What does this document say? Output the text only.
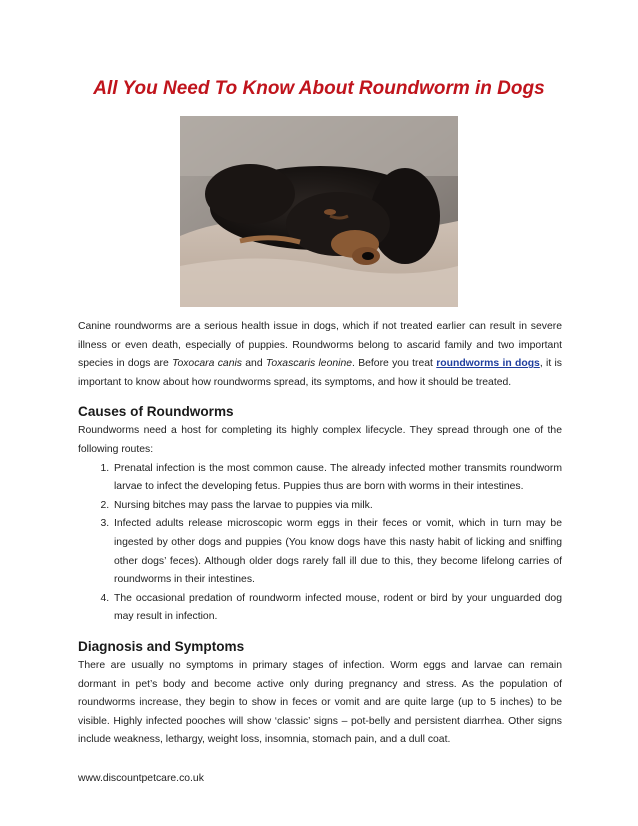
All You Need To Know About Roundworm in Dogs

Canine roundworms are a serious health issue in dogs, which if not treated earlier can result in severe illness or even death, especially of puppies. Roundworms belong to ascarid family and two important species in dogs are Toxocara canis and Toxascaris leonine. Before you treat roundworms in dogs, it is important to know about how roundworms spread, its symptoms, and how it should be treated.

Causes of Roundworms

Roundworms need a host for completing its highly complex lifecycle. They spread through one of the following routes:

1. Prenatal infection is the most common cause. The already infected mother transmits roundworm larvae to infect the developing fetus. Puppies thus are born with worms in their intestines.
2. Nursing bitches may pass the larvae to puppies via milk.
3. Infected adults release microscopic worm eggs in their feces or vomit, which in turn may be ingested by other dogs and puppies (You know dogs have this nasty habit of licking and sniffing other dogs’ feces). Although older dogs rarely fall ill due to this, they become lifelong carries of roundworms in their intestines.
4. The occasional predation of roundworm infected mouse, rodent or bird by your unguarded dog may result in infection.
Diagnosis and Symptoms

There are usually no symptoms in primary stages of infection. Worm eggs and larvae can remain dormant in pet’s body and become active only during pregnancy and stress. As the population of roundworms increase, they begin to show in feces or vomit and are quite large (up to 5 inches) to be visible. Highly infected pooches will show ‘classic’ signs – pot-belly and persistent diarrhea. Other signs include weakness, lethargy, weight loss, insomnia, stomach pain, and a dull coat.

www.discountpetcare.co.uk
